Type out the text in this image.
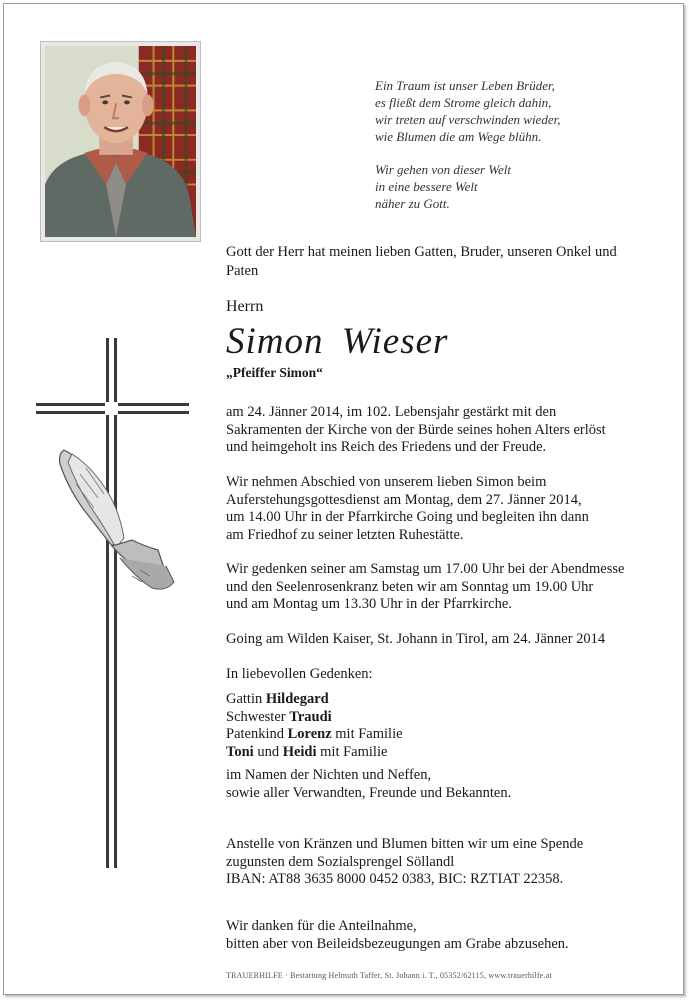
Ein Traum ist unser Leben Brüder,
es fließt dem Strome gleich dahin,
wir treten auf verschwinden wieder,
wie Blumen die am Wege blühn.
Wir gehen von dieser Welt
in eine bessere Welt
näher zu Gott.
Gott der Herr hat meinen lieben Gatten, Bruder, unseren Onkel und Paten
Herrn
Simon Wieser
„Pfeiffer Simon“
am 24. Jänner 2014, im 102. Lebensjahr gestärkt mit den
Sakramenten der Kirche von der Bürde seines hohen Alters erlöst
und heimgeholt ins Reich des Friedens und der Freude.
Wir nehmen Abschied von unserem lieben Simon beim
Auferstehungsgottesdienst am Montag, dem 27. Jänner 2014,
um 14.00 Uhr in der Pfarrkirche Going und begleiten ihn dann
am Friedhof zu seiner letzten Ruhestätte.
Wir gedenken seiner am Samstag um 17.00 Uhr bei der Abendmesse
und den Seelenrosenkranz beten wir am Sonntag um 19.00 Uhr
und am Montag um 13.30 Uhr in der Pfarrkirche.
Going am Wilden Kaiser, St. Johann in Tirol, am 24. Jänner 2014
In liebevollen Gedenken:
Gattin Hildegard
Schwester Traudi
Patenkind Lorenz mit Familie
Toni und Heidi mit Familie
im Namen der Nichten und Neffen,
sowie aller Verwandten, Freunde und Bekannten.
Anstelle von Kränzen und Blumen bitten wir um eine Spende
zugunsten dem Sozialsprengel Söllandl
IBAN: AT88 3635 8000 0452 0383, BIC: RZTIAT 22358.
Wir danken für die Anteilnahme,
bitten aber von Beileidsbezeugungen am Grabe abzusehen.
TRAUERHILFE · Bestattung Helmuth Taffer, St. Johann i. T., 05352/62115, www.trauerhilfe.at
